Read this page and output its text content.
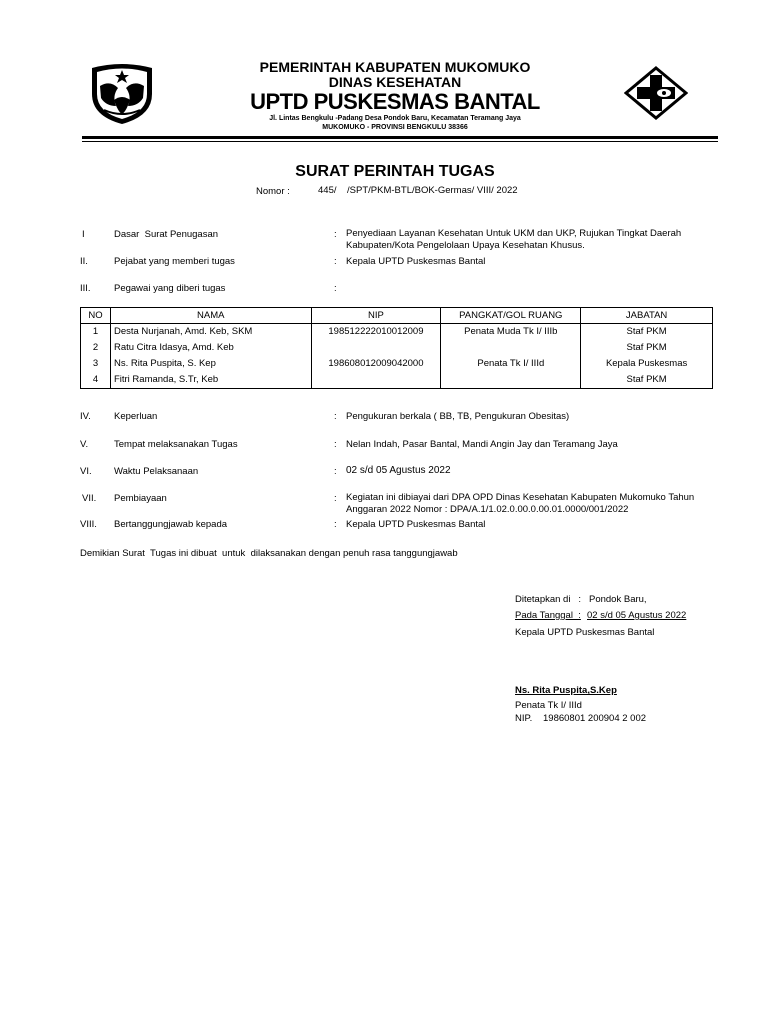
PEMERINTAH KABUPATEN MUKOMUKO
DINAS KESEHATAN
UPTD PUSKESMAS BANTAL
Jl. Lintas Bengkulu -Padang Desa Pondok Baru, Kecamatan Teramang Jaya
MUKOMUKO - PROVINSI BENGKULU 38366
SURAT PERINTAH TUGAS
Nomor :	445/    /SPT/PKM-BTL/BOK-Germas/ VIII/ 2022
I	Dasar  Surat Penugasan	: Penyediaan Layanan Kesehatan Untuk UKM dan UKP, Rujukan Tingkat Daerah Kabupaten/Kota Pengelolaan Upaya Kesehatan Khusus.
II.	Pejabat yang memberi tugas	: Kepala UPTD Puskesmas Bantal
III. Pegawai yang diberi tugas	:
NO	NAMA	NIP	PANGKAT/GOL RUANG	JABATAN
1	Desta Nurjanah, Amd. Keb, SKM	198512222010012009	Penata Muda Tk I/ IIIb	Staf PKM
2	Ratu Citra Idasya, Amd. Keb			Staf PKM
3	Ns. Rita Puspita, S. Kep	198608012009042000	Penata Tk I/ IIId	Kepala Puskesmas
4	Fitri Ramanda, S.Tr, Keb			Staf PKM
IV. Keperluan	: Pengukuran berkala ( BB, TB, Pengukuran Obesitas)
V.	Tempat melaksanakan Tugas	: Nelan Indah, Pasar Bantal, Mandi Angin Jay dan Teramang Jaya
VI. Waktu Pelaksanaan	: 02 s/d 05 Agustus 2022
VII. Pembiayaan	: Kegiatan ini dibiayai dari DPA OPD Dinas Kesehatan Kabupaten Mukomuko Tahun Anggaran 2022 Nomor : DPA/A.1/1.02.0.00.0.00.01.0000/001/2022
VIII. Bertanggungjawab kepada	: Kepala UPTD Puskesmas Bantal
Demikian Surat  Tugas ini dibuat  untuk  dilaksanakan dengan penuh rasa tanggungjawab
Ditetapkan di   : Pondok Baru,
Pada Tanggal  : 02 s/d 05 Agustus 2022
Kepala UPTD Puskesmas Bantal
Ns. Rita Puspita,S.Kep
Penata Tk I/ IIId
NIP. 19860801 200904 2 002
